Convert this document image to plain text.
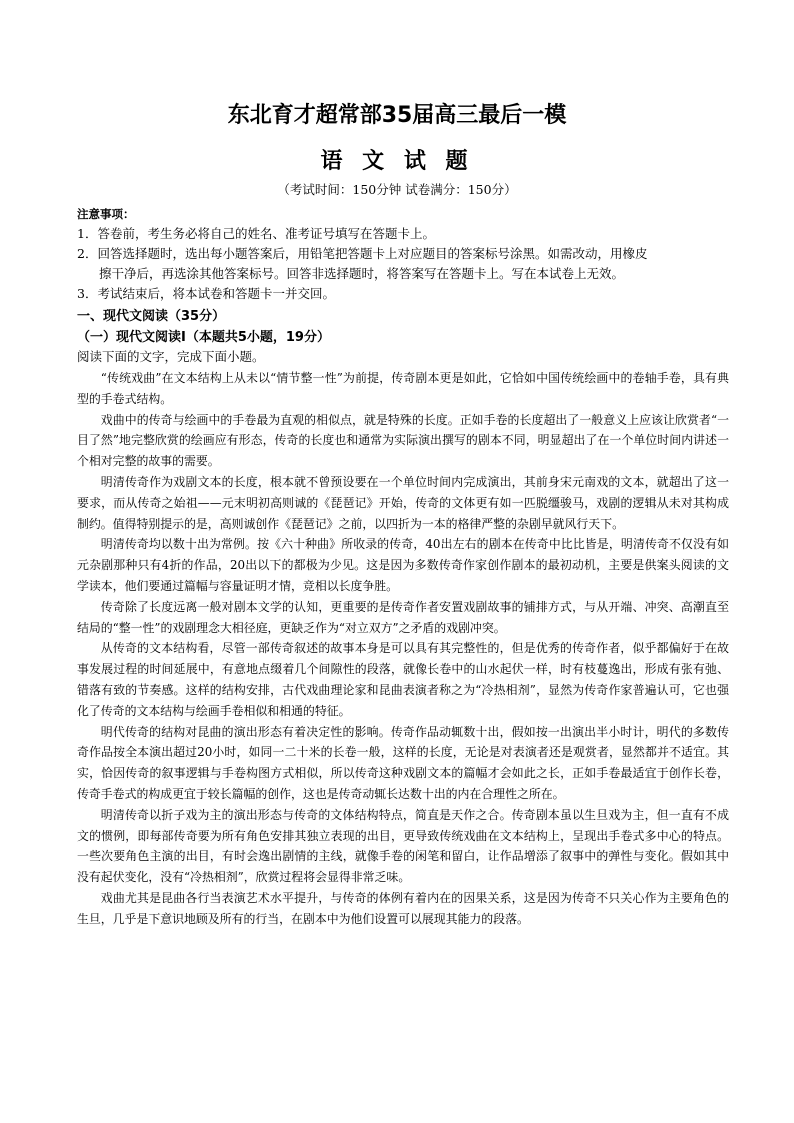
东北育才超常部35届高三最后一模
语 文 试 题
（考试时间：150分钟 试卷满分：150分）
注意事项：
1．答卷前，考生务必将自己的姓名、准考证号填写在答题卡上。
2．回答选择题时，选出每小题答案后，用铅笔把答题卡上对应题目的答案标号涂黑。如需改动，用橡皮
擦干净后，再选涂其他答案标号。回答非选择题时，将答案写在答题卡上。写在本试卷上无效。
3．考试结束后，将本试卷和答题卡一并交回。
一、现代文阅读（35分）
（一）现代文阅读Ⅰ（本题共5小题，19分）
阅读下面的文字，完成下面小题。

“传统戏曲”在文本结构上从未以“情节整一性”为前提，传奇剧本更是如此，它恰如中国传统绘画中的卷轴手卷，具有典型的手卷式结构。

戏曲中的传奇与绘画中的手卷最为直观的相似点，就是特殊的长度。正如手卷的长度超出了一般意义上应该让欣赏者“一目了然”地完整欣赏的绘画应有形态，传奇的长度也和通常为实际演出撰写的剧本不同，明显超出了在一个单位时间内讲述一个相对完整的故事的需要。

明清传奇作为戏剧文本的长度，根本就不曾预设要在一个单位时间内完成演出，其前身宋元南戏的文本，就超出了这一要求，而从传奇之始祖——元末明初高则诚的《琵琶记》开始，传奇的文体更有如一匹脱缰骏马，戏剧的逻辑从未对其构成制约。值得特别提示的是，高则诚创作《琵琶记》之前，以四折为一本的格律严整的杂剧早就风行天下。

明清传奇均以数十出为常例。按《六十种曲》所收录的传奇，40出左右的剧本在传奇中比比皆是，明清传奇不仅没有如元杂剧那种只有4折的作品，20出以下的都极为少见。这是因为多数传奇作家创作剧本的最初动机，主要是供案头阅读的文学读本，他们要通过篇幅与容量证明才情，竞相以长度争胜。

传奇除了长度远离一般对剧本文学的认知，更重要的是传奇作者安置戏剧故事的铺排方式，与从开端、冲突、高潮直至结局的“整一性”的戏剧理念大相径庭，更缺乏作为“对立双方”之矛盾的戏剧冲突。

从传奇的文本结构看，尽管一部传奇叙述的故事本身是可以具有其完整性的，但是优秀的传奇作者，似乎都偏好于在故事发展过程的时间延展中，有意地点缀着几个间隙性的段落，就像长卷中的山水起伏一样，时有枝蔓逸出，形成有张有弛、错落有致的节奏感。这样的结构安排，古代戏曲理论家和昆曲表演者称之为“冷热相剂”，显然为传奇作家普遍认可，它也强化了传奇的文本结构与绘画手卷相似和相通的特征。

明代传奇的结构对昆曲的演出形态有着决定性的影响。传奇作品动辄数十出，假如按一出演出半小时计，明代的多数传奇作品按全本演出超过20小时，如同一二十米的长卷一般，这样的长度，无论是对表演者还是观赏者，显然都并不适宜。其实，恰因传奇的叙事逻辑与手卷构图方式相似，所以传奇这种戏剧文本的篇幅才会如此之长，正如手卷最适宜于创作长卷，传奇手卷式的构成更宜于较长篇幅的创作，这也是传奇动辄长达数十出的内在合理性之所在。

明清传奇以折子戏为主的演出形态与传奇的文体结构特点，简直是天作之合。传奇剧本虽以生旦戏为主，但一直有不成文的惯例，即每部传奇要为所有角色安排其独立表现的出目，更导致传统戏曲在文本结构上，呈现出手卷式多中心的特点。一些次要角色主演的出目，有时会逸出剧情的主线，就像手卷的闲笔和留白，让作品增添了叙事中的弹性与变化。假如其中没有起伏变化，没有“冷热相剂”，欣赏过程将会显得非常乏味。

戏曲尤其是昆曲各行当表演艺术水平提升，与传奇的体例有着内在的因果关系，这是因为传奇不只关心作为主要角色的生旦，几乎是下意识地顾及所有的行当，在剧本中为他们设置可以展现其能力的段落。
